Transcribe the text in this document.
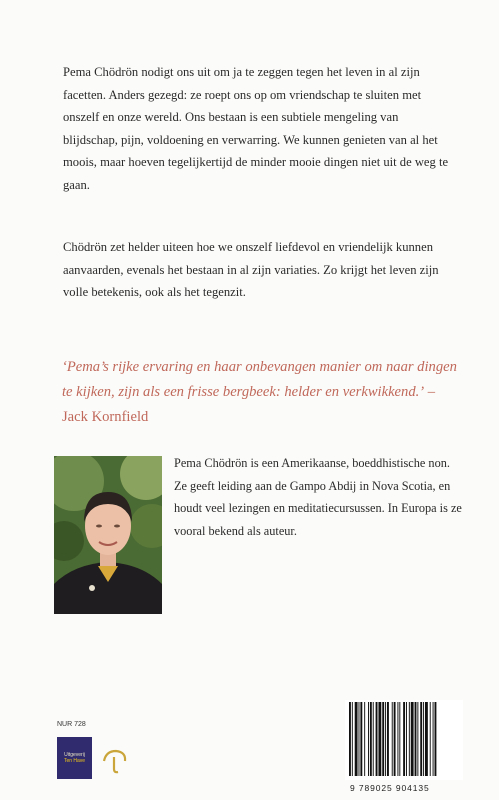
Pema Chödrön nodigt ons uit om ja te zeggen tegen het leven in al zijn facetten. Anders gezegd: ze roept ons op om vriendschap te sluiten met onszelf en onze wereld. Ons bestaan is een subtiele mengeling van blijdschap, pijn, voldoening en verwarring. We kunnen genieten van al het moois, maar hoeven tegelijkertijd de minder mooie dingen niet uit de weg te gaan.

Chödrön zet helder uiteen hoe we onszelf liefdevol en vriendelijk kunnen aanvaarden, evenals het bestaan in al zijn variaties. Zo krijgt het leven zijn volle betekenis, ook als het tegenzit.

‘Pema’s rijke ervaring en haar onbevangen manier om naar dingen te kijken, zijn als een frisse bergbeek: helder en verkwikkend.’ – Jack Kornfield

Pema Chödrön is een Amerikaanse, boeddhistische non. Ze geeft leiding aan de Gampo Abdij in Nova Scotia, en houdt veel lezingen en meditatiecursussen. In Europa is ze vooral bekend als auteur.

NUR 728
Uitgeverij
Ten Have
9 789025 904135
